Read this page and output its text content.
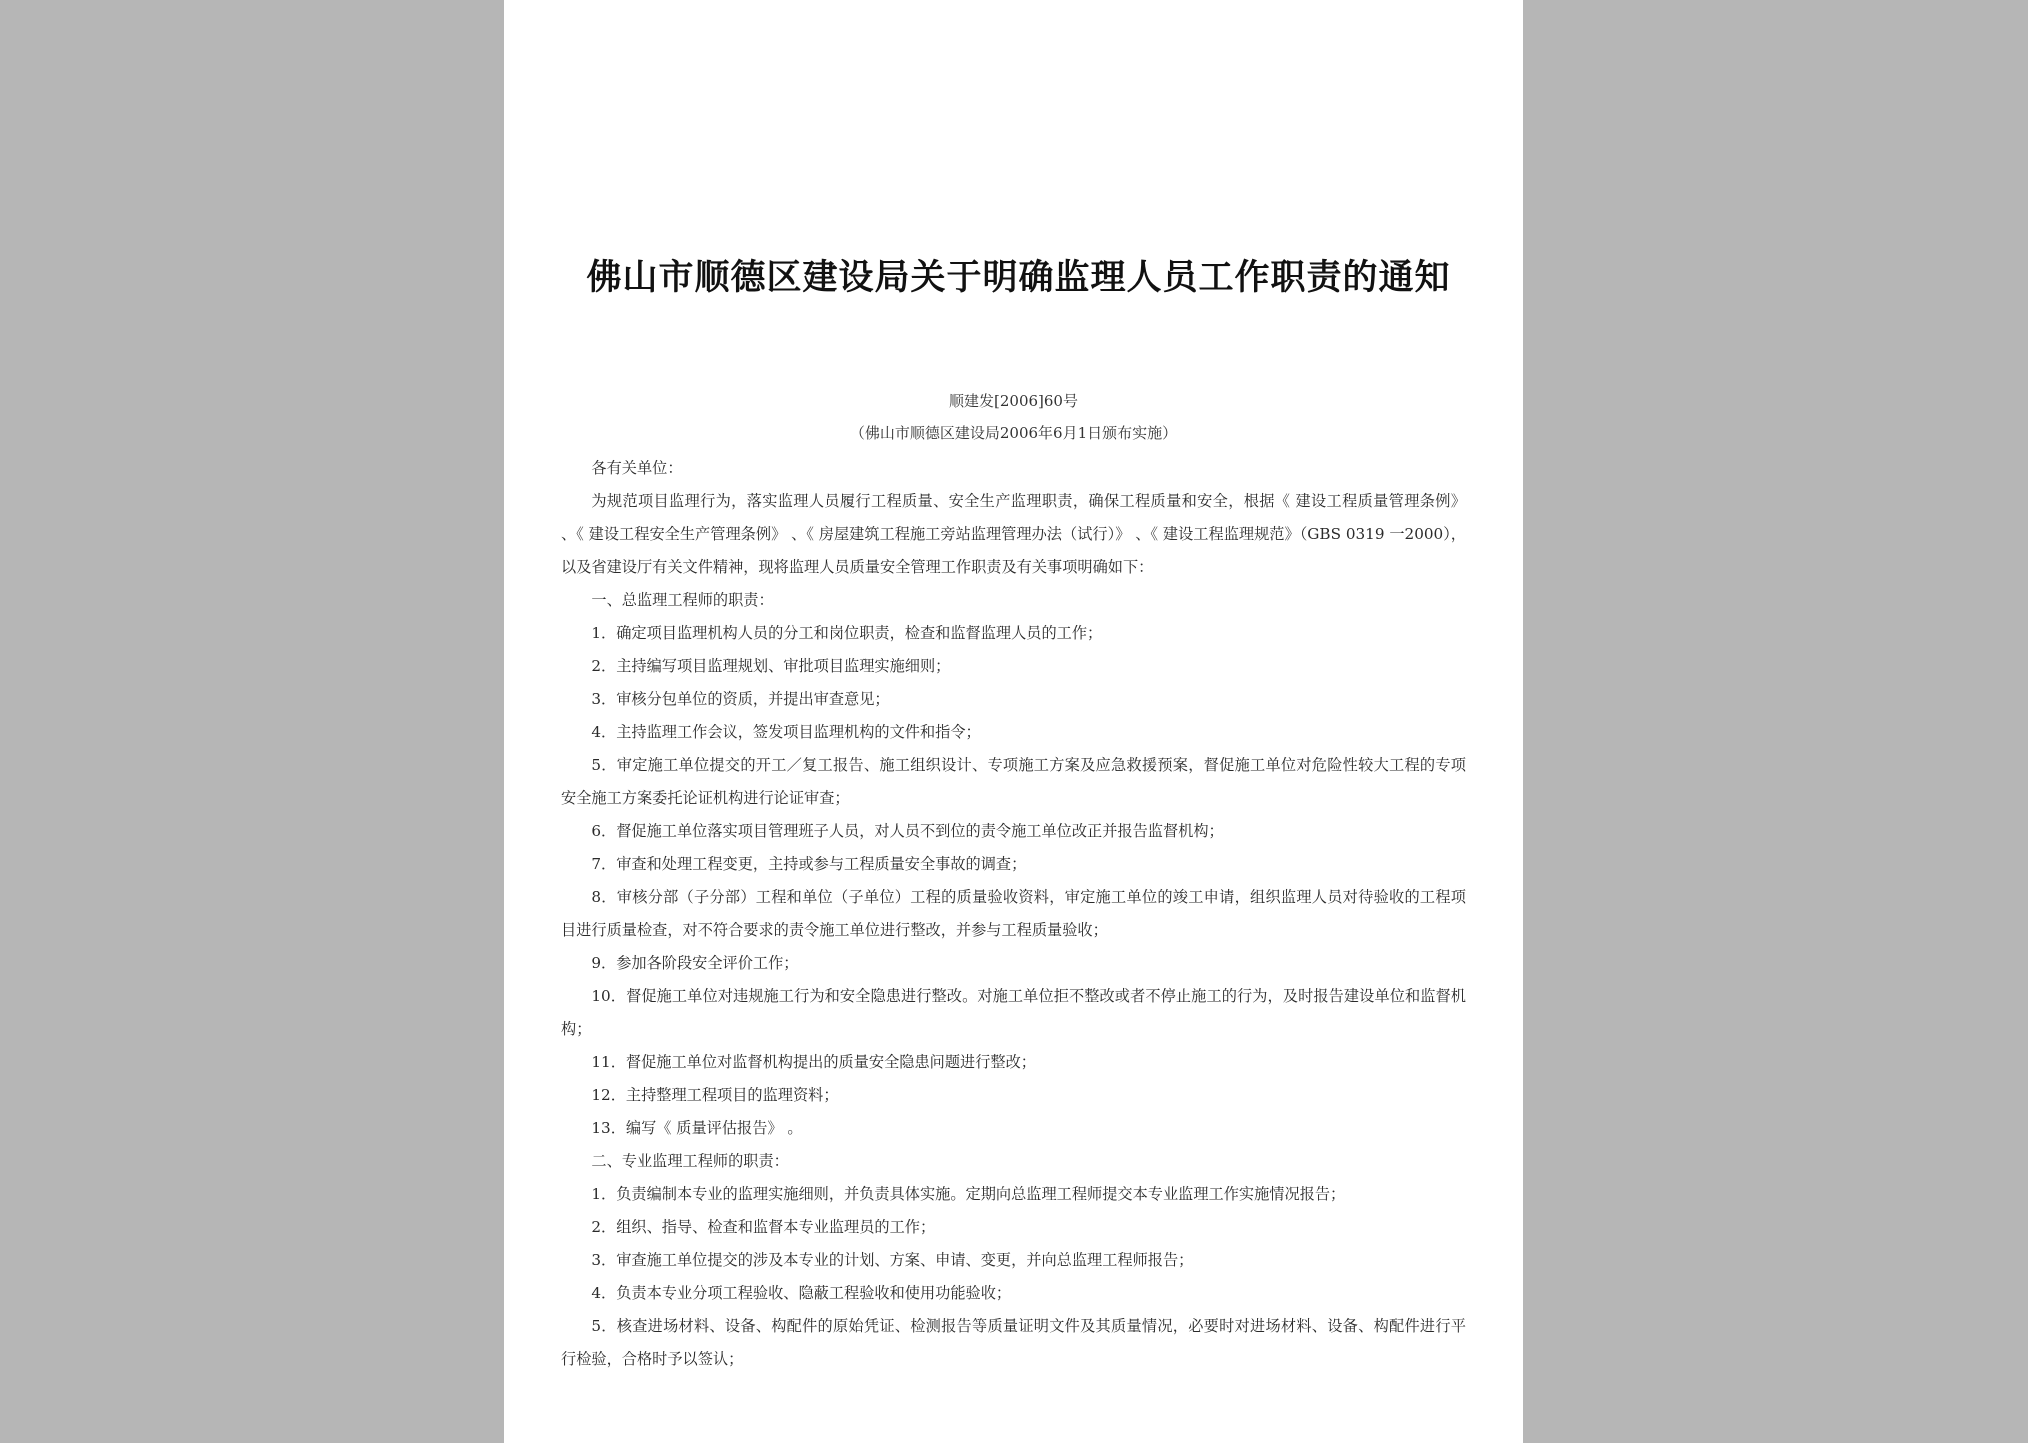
佛山市顺德区建设局关于明确监理人员工作职责的通知
顺建发[2006]60号
（佛山市顺德区建设局2006年6月1日颁布实施）

各有关单位：

为规范项目监理行为，落实监理人员履行工程质量、安全生产监理职责，确保工程质量和安全，根据《 建设工程质量管理条例》 、《 建设工程安全生产管理条例》 、《 房屋建筑工程施工旁站监理管理办法（试行）》 、《 建设工程监理规范》（GBS 0319 一2000），以及省建设厅有关文件精神，现将监理人员质量安全管理工作职责及有关事项明确如下：

一、总监理工程师的职责：

1．确定项目监理机构人员的分工和岗位职责，检查和监督监理人员的工作；

2．主持编写项目监理规划、审批项目监理实施细则；

3．审核分包单位的资质，并提出审查意见；

4．主持监理工作会议，签发项目监理机构的文件和指令；

5．审定施工单位提交的开工／复工报告、施工组织设计、专项施工方案及应急救援预案，督促施工单位对危险性较大工程的专项安全施工方案委托论证机构进行论证审查；

6．督促施工单位落实项目管理班子人员，对人员不到位的责令施工单位改正并报告监督机构；

7．审查和处理工程变更，主持或参与工程质量安全事故的调查；

8．审核分部（子分部）工程和单位（子单位）工程的质量验收资料，审定施工单位的竣工申请，组织监理人员对待验收的工程项目进行质量检查，对不符合要求的责令施工单位进行整改，并参与工程质量验收；

9．参加各阶段安全评价工作；

10．督促施工单位对违规施工行为和安全隐患进行整改。对施工单位拒不整改或者不停止施工的行为，及时报告建设单位和监督机构；

11．督促施工单位对监督机构提出的质量安全隐患问题进行整改；

12．主持整理工程项目的监理资料；

13．编写《 质量评估报告》 。

二、专业监理工程师的职责：

1．负责编制本专业的监理实施细则，并负责具体实施。定期向总监理工程师提交本专业监理工作实施情况报告；

2．组织、指导、检查和监督本专业监理员的工作；

3．审查施工单位提交的涉及本专业的计划、方案、申请、变更，并向总监理工程师报告；

4．负责本专业分项工程验收、隐蔽工程验收和使用功能验收；

5．核查进场材料、设备、构配件的原始凭证、检测报告等质量证明文件及其质量情况，必要时对进场材料、设备、构配件进行平行检验，合格时予以签认；
